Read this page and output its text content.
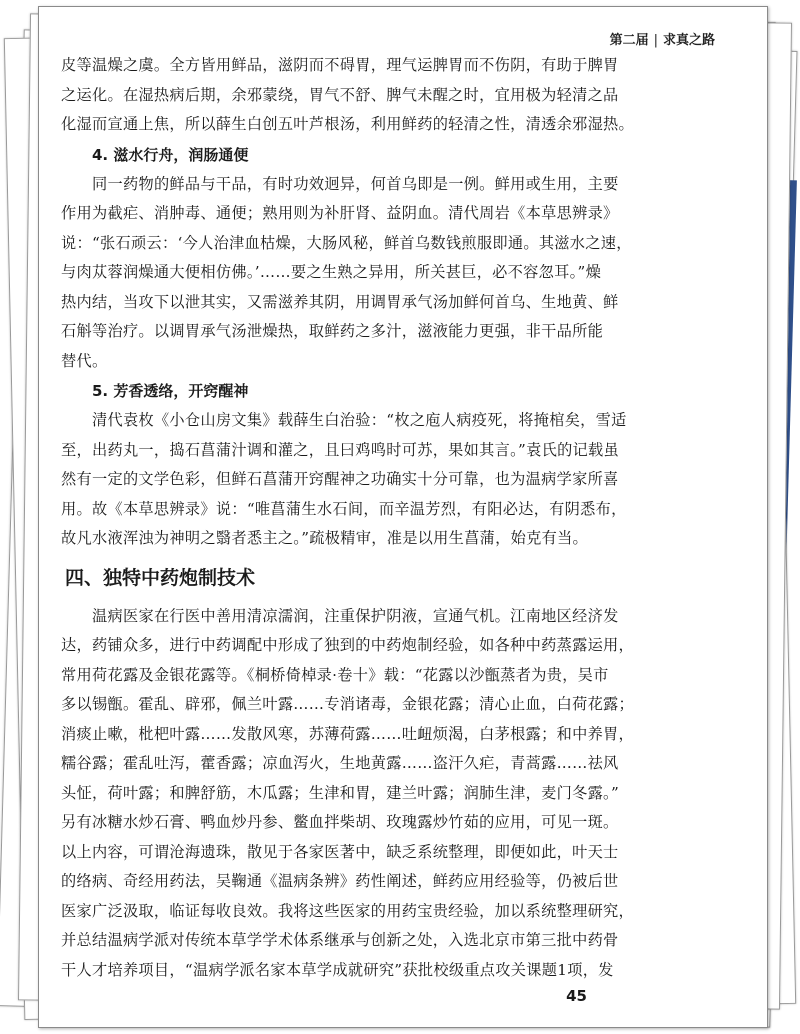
第二届 | 求真之路

皮等温燥之虞。全方皆用鲜品，滋阴而不碍胃，理气运脾胃而不伤阴，有助于脾胃

之运化。在湿热病后期，余邪蒙绕，胃气不舒、脾气未醒之时，宜用极为轻清之品

化湿而宣通上焦，所以薛生白创五叶芦根汤，利用鲜药的轻清之性，清透余邪湿热。

4. 滋水行舟，润肠通便

同一药物的鲜品与干品，有时功效迥异，何首乌即是一例。鲜用或生用，主要

作用为截疟、消肿毒、通便；熟用则为补肝肾、益阴血。清代周岩《本草思辨录》

说：“张石顽云：‘今人治津血枯燥，大肠风秘，鲜首乌数钱煎服即通。其滋水之速，

与肉苁蓉润燥通大便相仿佛。’……要之生熟之异用，所关甚巨，必不容忽耳。”燥

热内结，当攻下以泄其实，又需滋养其阴，用调胃承气汤加鲜何首乌、生地黄、鲜

石斛等治疗。以调胃承气汤泄燥热，取鲜药之多汁，滋液能力更强，非干品所能

替代。

5. 芳香透络，开窍醒神

清代袁枚《小仓山房文集》载薛生白治验：“枚之庖人病疫死，将掩棺矣，雪适

至，出药丸一，捣石菖蒲汁调和灌之，且曰鸡鸣时可苏，果如其言。”袁氏的记载虽

然有一定的文学色彩，但鲜石菖蒲开窍醒神之功确实十分可靠，也为温病学家所喜

用。故《本草思辨录》说：“唯菖蒲生水石间，而辛温芳烈，有阳必达，有阴悉布，

故凡水液浑浊为神明之翳者悉主之。”疏极精审，准是以用生菖蒲，始克有当。

四、独特中药炮制技术

温病医家在行医中善用清凉濡润，注重保护阴液，宣通气机。江南地区经济发

达，药铺众多，进行中药调配中形成了独到的中药炮制经验，如各种中药蒸露运用，

常用荷花露及金银花露等。《桐桥倚棹录·卷十》载：“花露以沙甑蒸者为贵，吴市

多以锡甑。霍乱、辟邪，佩兰叶露……专消诸毒，金银花露；清心止血，白荷花露；

消痰止嗽，枇杷叶露……发散风寒，苏薄荷露……吐衄烦渴，白茅根露；和中养胃，

糯谷露；霍乱吐泻，藿香露；凉血泻火，生地黄露……盗汗久疟，青蒿露……祛风

头怔，荷叶露；和脾舒筋，木瓜露；生津和胃，建兰叶露；润肺生津，麦门冬露。”

另有冰糖水炒石膏、鸭血炒丹参、鳖血拌柴胡、玫瑰露炒竹茹的应用，可见一斑。

以上内容，可谓沧海遗珠，散见于各家医著中，缺乏系统整理，即便如此，叶天士

的络病、奇经用药法，吴鞠通《温病条辨》药性阐述，鲜药应用经验等，仍被后世

医家广泛汲取，临证每收良效。我将这些医家的用药宝贵经验，加以系统整理研究，

并总结温病学派对传统本草学学术体系继承与创新之处，入选北京市第三批中药骨

干人才培养项目，“温病学派名家本草学成就研究”获批校级重点攻关课题1项，发

45
